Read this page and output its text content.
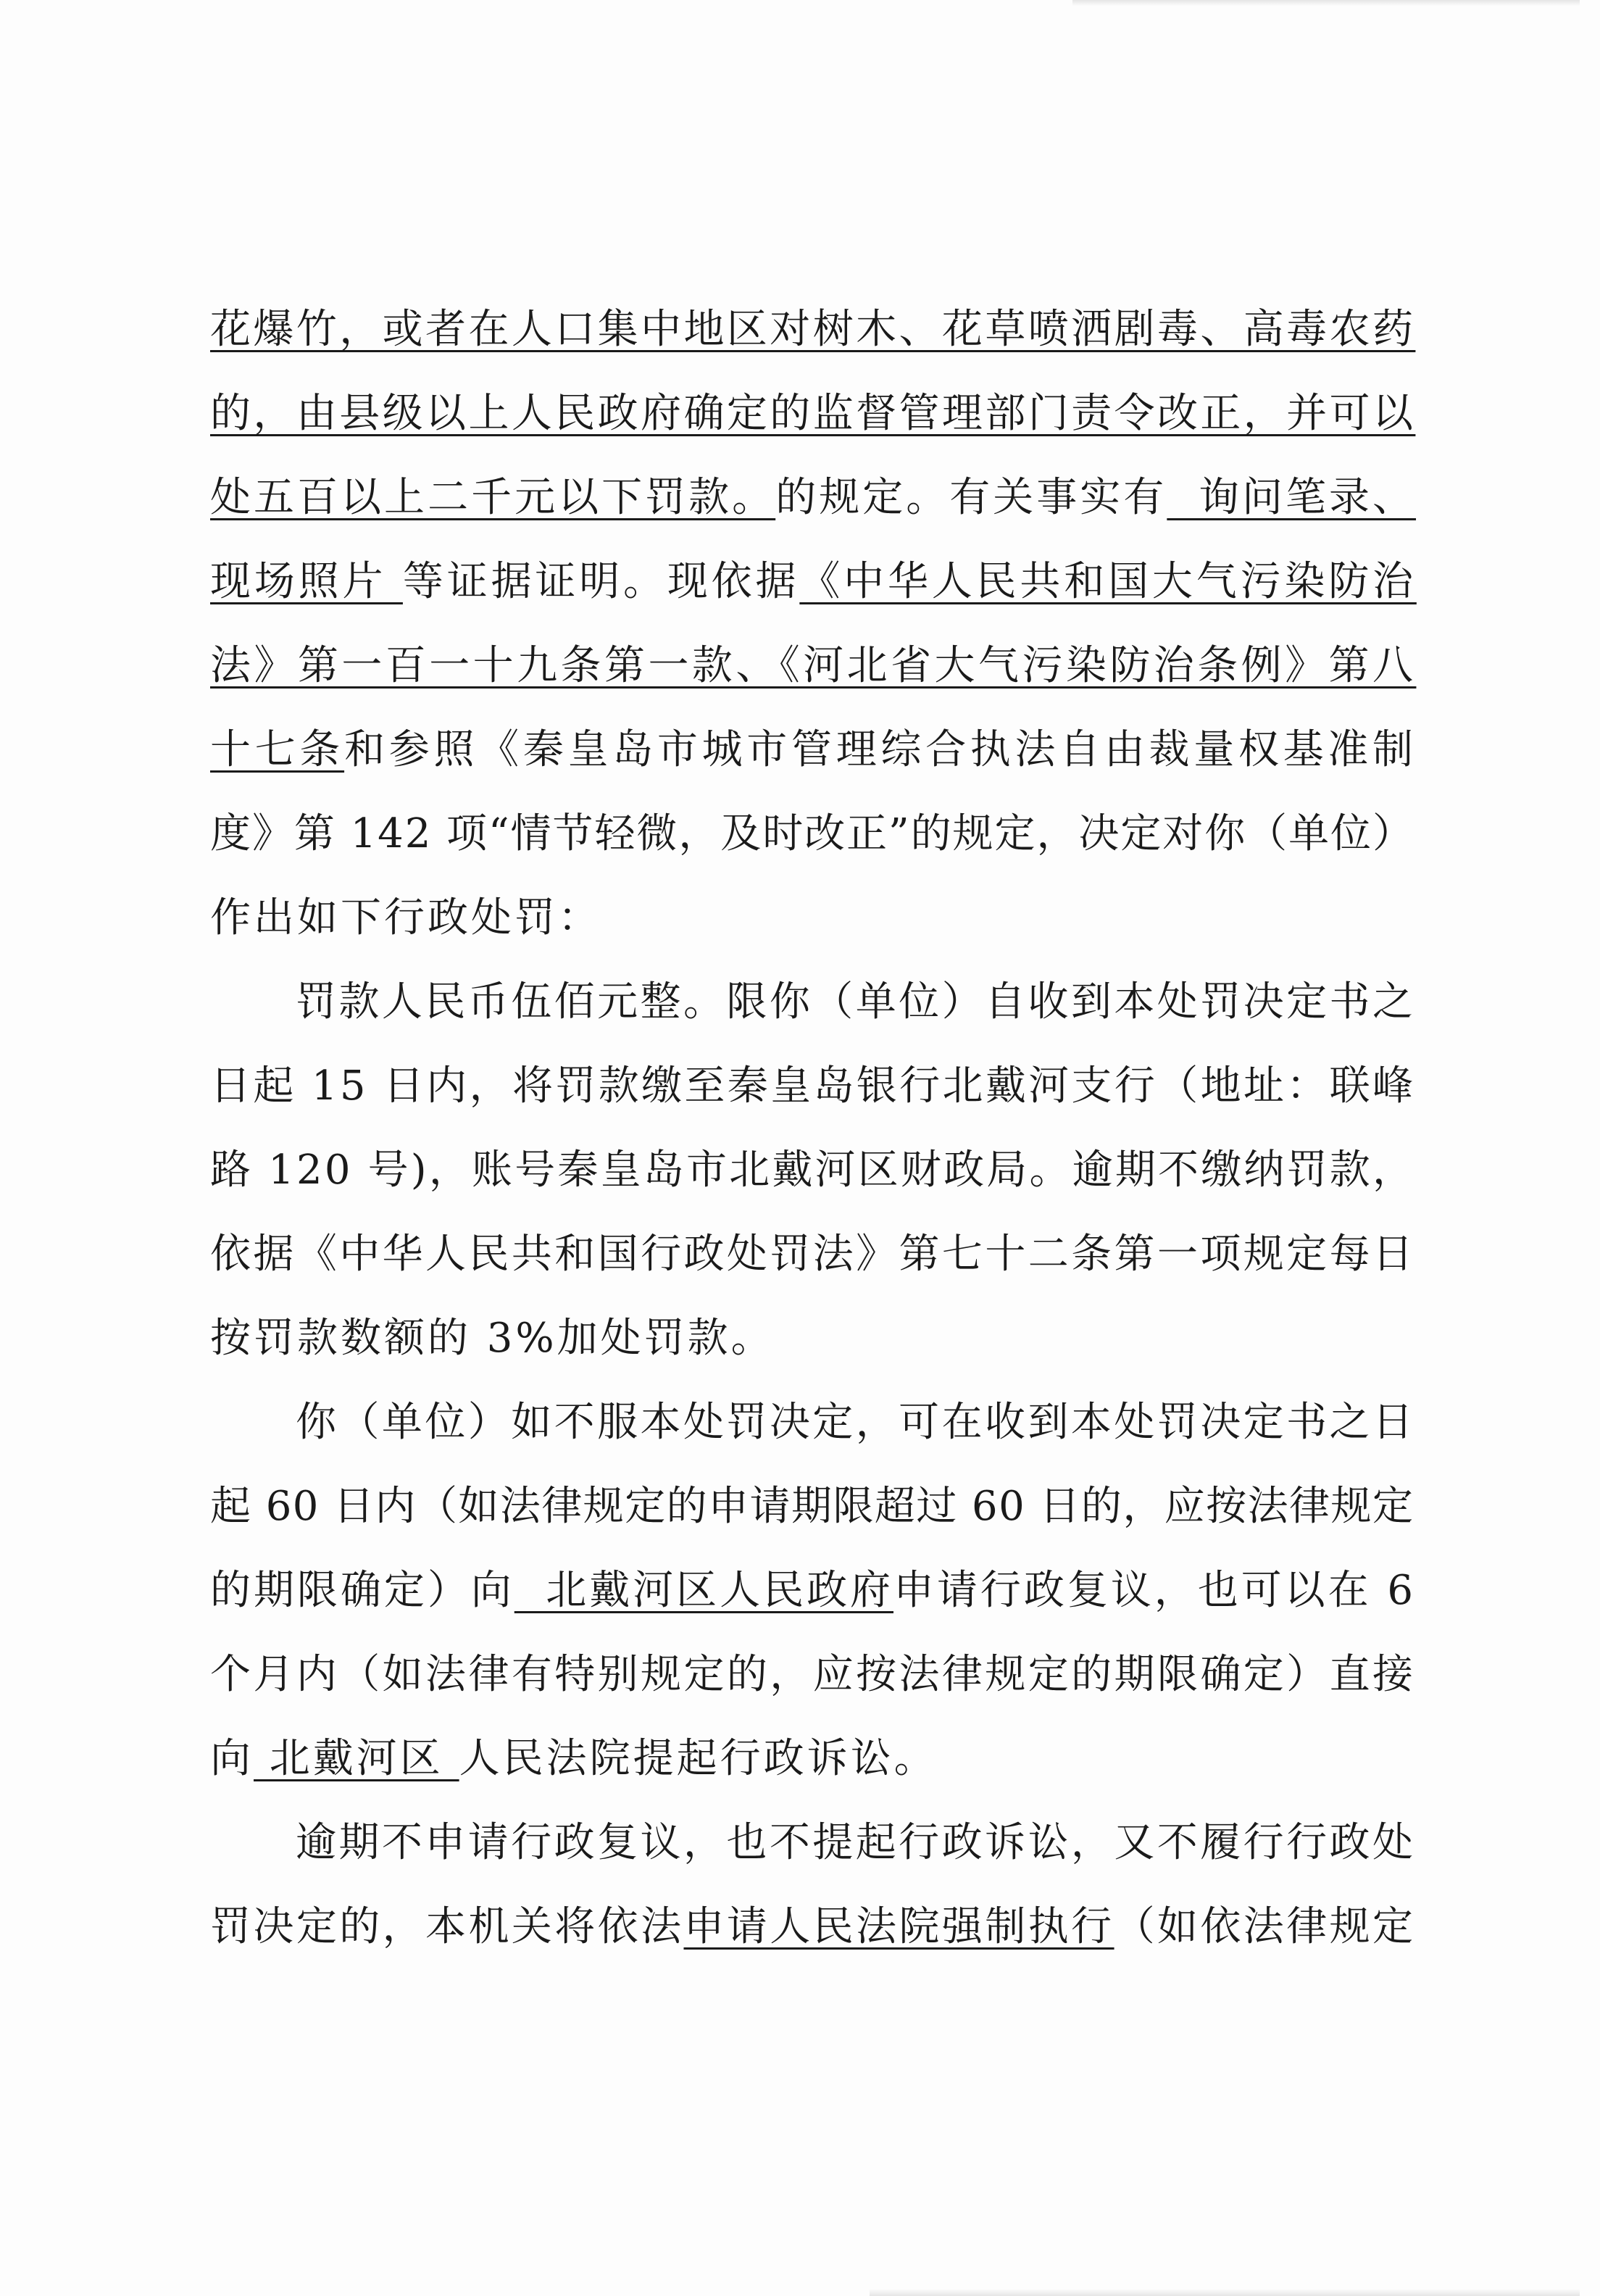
花爆竹，或者在人口集中地区对树木、花草喷洒剧毒、高毒农药
的，由县级以上人民政府确定的监督管理部门责令改正，并可以
处五百以上二千元以下罚款。 的规定。有关事实有 询问笔录、
现场照片 等证据证明。现依据 《中华人民共和国大气污染防治
法》第一百一十九条第一款、《河北省大气污染防治条例》第八
十七条 和参照《秦皇岛市城市管理综合执法自由裁量权基准制
度》第 142 项“情节轻微，及时改正”的规定，决定对你（单位）
作出如下行政处罚：
罚款人民币伍佰元整。限你（单位）自收到本处罚决定书之
日起 15 日内，将罚款缴至秦皇岛银行北戴河支行（地址：联峰
路 120 号)，账号秦皇岛市北戴河区财政局。逾期不缴纳罚款，
依据《中华人民共和国行政处罚法》第七十二条第一项规定每日
按罚款数额的 3%加处罚款。
你（单位）如不服本处罚决定，可在收到本处罚决定书之日
起 60 日内（如法律规定的申请期限超过 60 日的，应按法律规定
的期限确定）向 北戴河区人民政府 申请行政复议，也可以在 6
个月内（如法律有特别规定的，应按法律规定的期限确定）直接
向 北戴河区 人民法院提起行政诉讼。
逾期不申请行政复议，也不提起行政诉讼，又不履行行政处
罚决定的，本机关将依法 申请人民法院强制执行 （如依法律规定
